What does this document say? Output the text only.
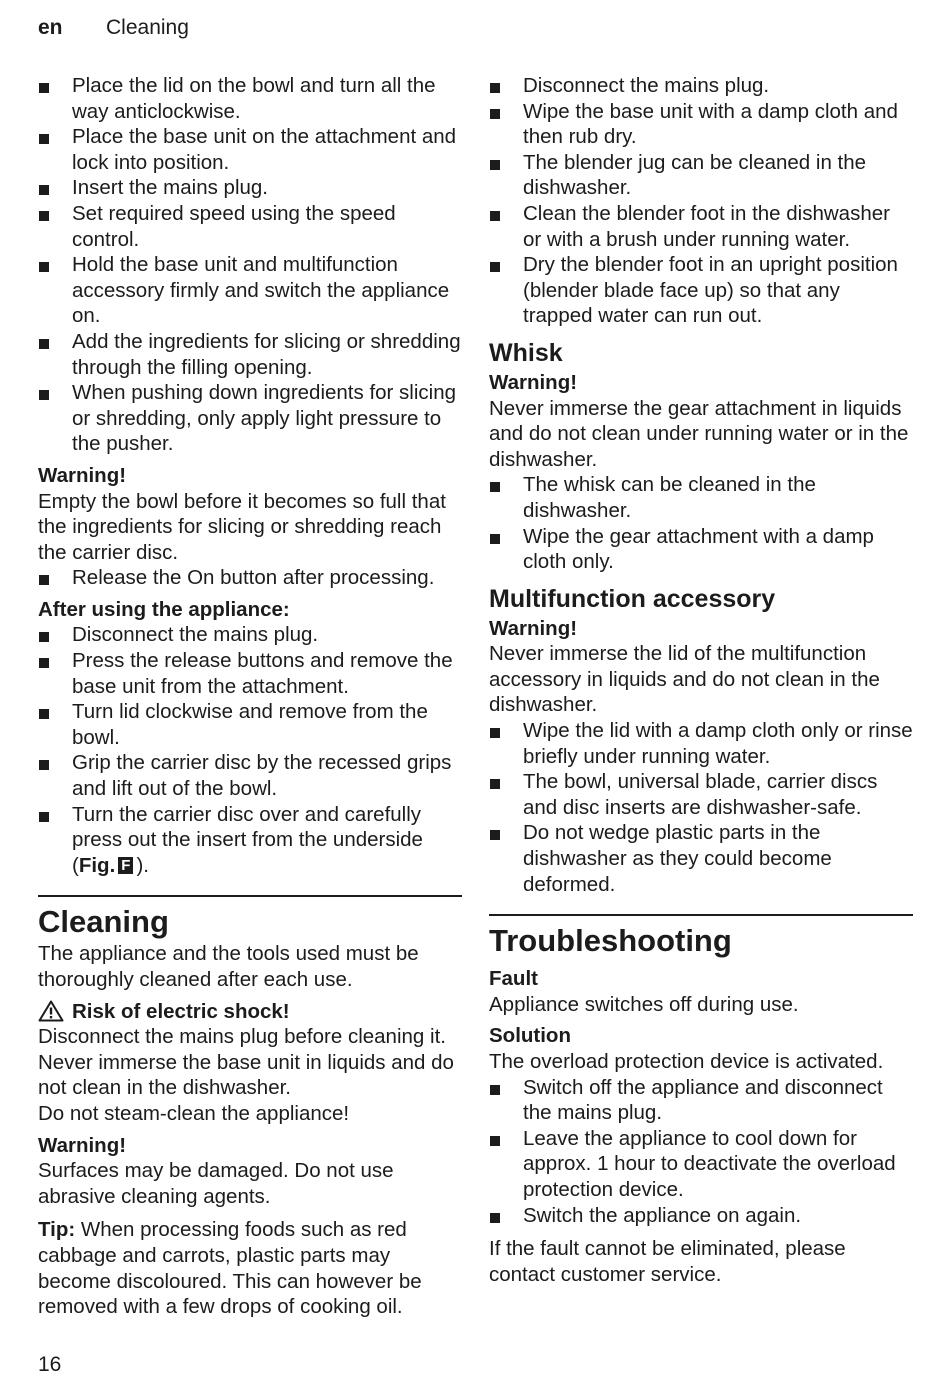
en Cleaning
Place the lid on the bowl and turn all the way anticlockwise.
Place the base unit on the attachment and lock into position.
Insert the mains plug.
Set required speed using the speed control.
Hold the base unit and multifunction accessory firmly and switch the appliance on.
Add the ingredients for slicing or shredding through the filling opening.
When pushing down ingredients for slicing or shredding, only apply light pressure to the pusher.
Warning!
Empty the bowl before it becomes so full that the ingredients for slicing or shredding reach the carrier disc.
Release the On button after processing.
After using the appliance:
Disconnect the mains plug.
Press the release buttons and remove the base unit from the attachment.
Turn lid clockwise and remove from the bowl.
Grip the carrier disc by the recessed grips and lift out of the bowl.
Turn the carrier disc over and carefully press out the insert from the underside
(Fig. F ).
Cleaning
The appliance and the tools used must be thoroughly cleaned after each use.
Risk of electric shock!
Disconnect the mains plug before cleaning it.
Never immerse the base unit in liquids and do not clean in the dishwasher.
Do not steam-clean the appliance!
Warning!
Surfaces may be damaged. Do not use abrasive cleaning agents.
Tip: When processing foods such as red cabbage and carrots, plastic parts may become discoloured. This can however be removed with a few drops of cooking oil.
Disconnect the mains plug.
Wipe the base unit with a damp cloth and then rub dry.
The blender jug can be cleaned in the dishwasher.
Clean the blender foot in the dishwasher or with a brush under running water.
Dry the blender foot in an upright position (blender blade face up) so that any trapped water can run out.
Whisk
Warning!
Never immerse the gear attachment in liquids and do not clean under running water or in the dishwasher.
The whisk can be cleaned in the dishwasher.
Wipe the gear attachment with a damp cloth only.
Multifunction accessory
Warning!
Never immerse the lid of the multifunction accessory in liquids and do not clean in the dishwasher.
Wipe the lid with a damp cloth only or rinse briefly under running water.
The bowl, universal blade, carrier discs and disc inserts are dishwasher-safe.
Do not wedge plastic parts in the dishwasher as they could become deformed.
Troubleshooting
Fault
Appliance switches off during use.
Solution
The overload protection device is activated.
Switch off the appliance and disconnect the mains plug.
Leave the appliance to cool down for approx. 1 hour to deactivate the overload protection device.
Switch the appliance on again.
If the fault cannot be eliminated, please contact customer service.
16
